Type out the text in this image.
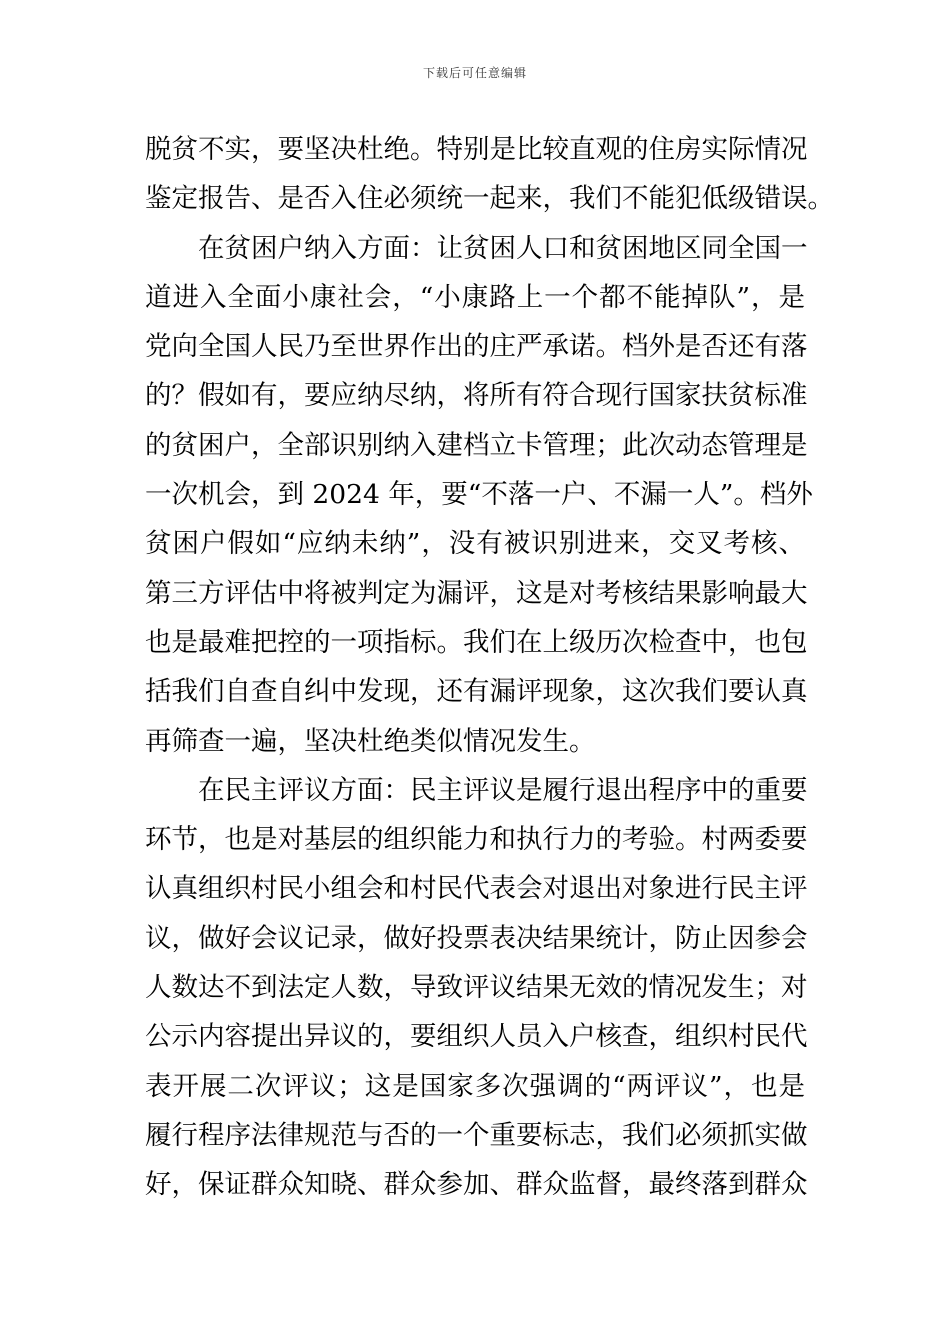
下载后可任意编辑
脱贫不实，要坚决杜绝。特别是比较直观的住房实际情况
鉴定报告、是否入住必须统一起来，我们不能犯低级错误。
在贫困户纳入方面：让贫困人口和贫困地区同全国一
道进入全面小康社会，“小康路上一个都不能掉队”，是
党向全国人民乃至世界作出的庄严承诺。档外是否还有落
的？假如有，要应纳尽纳，将所有符合现行国家扶贫标准
的贫困户，全部识别纳入建档立卡管理；此次动态管理是
一次机会，到 2024 年，要“不落一户、不漏一人”。档外
贫困户假如“应纳未纳”，没有被识别进来，交叉考核、
第三方评估中将被判定为漏评，这是对考核结果影响最大
也是最难把控的一项指标。我们在上级历次检查中，也包
括我们自查自纠中发现，还有漏评现象，这次我们要认真
再筛查一遍，坚决杜绝类似情况发生。
在民主评议方面：民主评议是履行退出程序中的重要
环节，也是对基层的组织能力和执行力的考验。村两委要
认真组织村民小组会和村民代表会对退出对象进行民主评
议，做好会议记录，做好投票表决结果统计，防止因参会
人数达不到法定人数，导致评议结果无效的情况发生；对
公示内容提出异议的，要组织人员入户核查，组织村民代
表开展二次评议；这是国家多次强调的“两评议”，也是
履行程序法律规范与否的一个重要标志，我们必须抓实做
好，保证群众知晓、群众参加、群众监督，最终落到群众
